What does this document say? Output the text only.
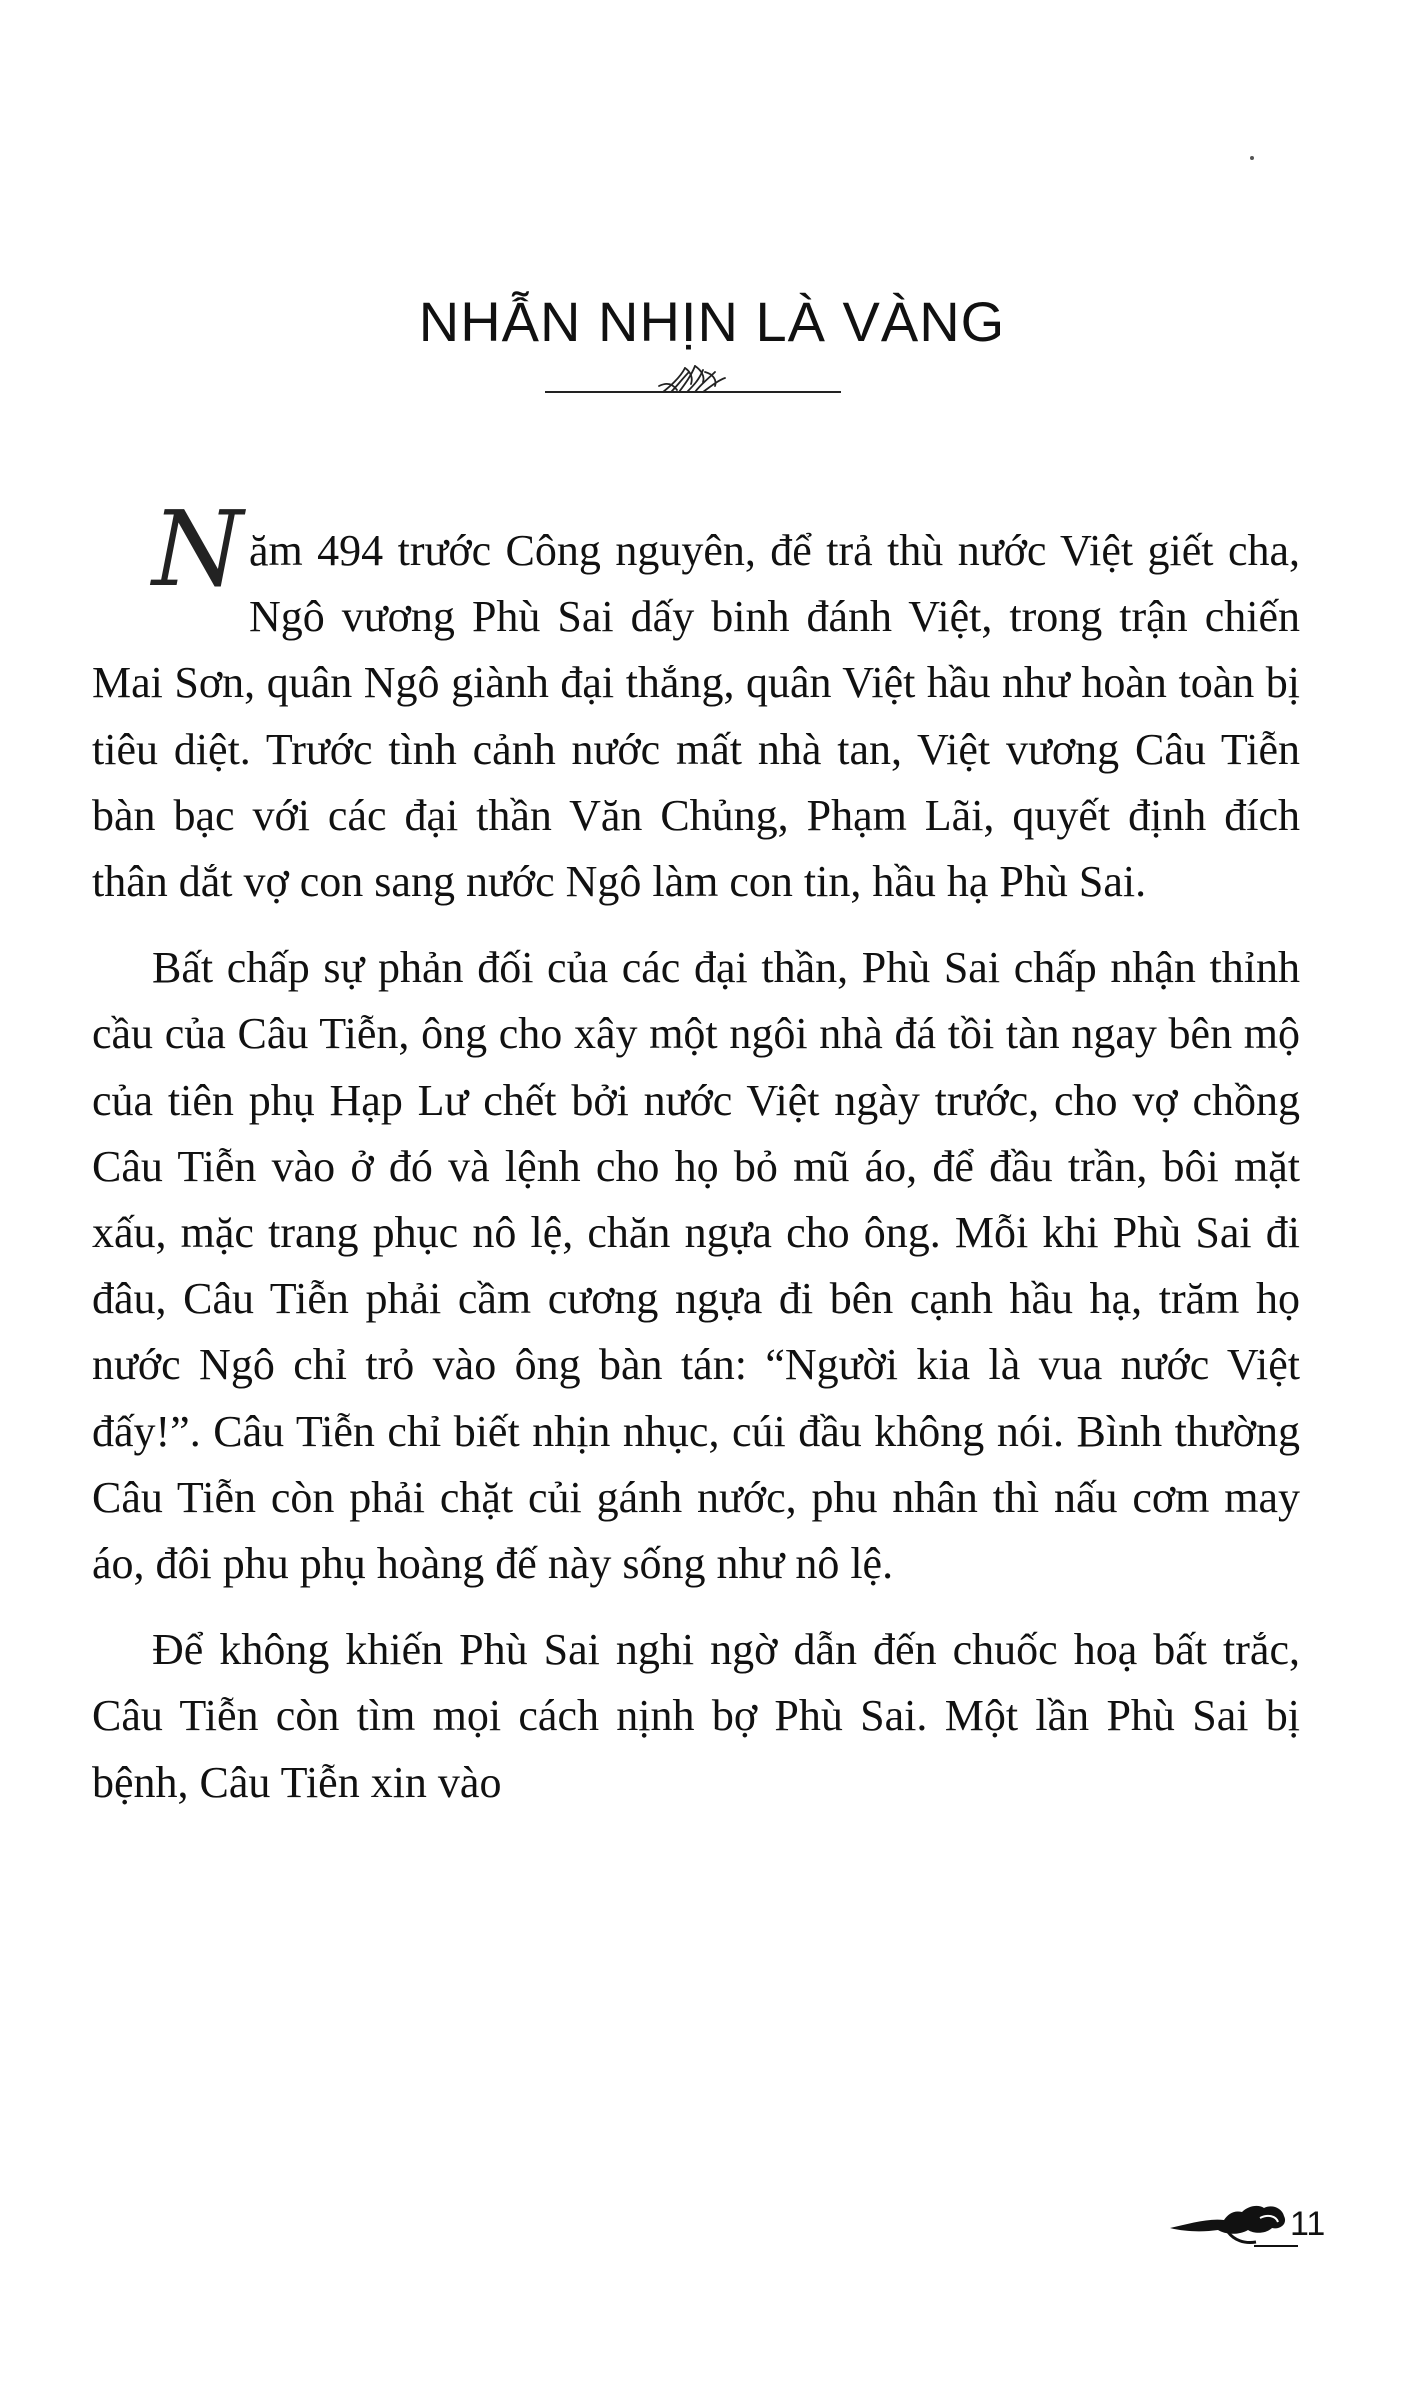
NHẪN NHỊN LÀ VÀNG

Năm 494 trước Công nguyên, để trả thù nước Việt giết cha, Ngô vương Phù Sai dấy binh đánh Việt, trong trận chiến Mai Sơn, quân Ngô giành đại thắng, quân Việt hầu như hoàn toàn bị tiêu diệt. Trước tình cảnh nước mất nhà tan, Việt vương Câu Tiễn bàn bạc với các đại thần Văn Chủng, Phạm Lãi, quyết định đích thân dắt vợ con sang nước Ngô làm con tin, hầu hạ Phù Sai.

Bất chấp sự phản đối của các đại thần, Phù Sai chấp nhận thỉnh cầu của Câu Tiễn, ông cho xây một ngôi nhà đá tồi tàn ngay bên mộ của tiên phụ Hạp Lư chết bởi nước Việt ngày trước, cho vợ chồng Câu Tiễn vào ở đó và lệnh cho họ bỏ mũ áo, để đầu trần, bôi mặt xấu, mặc trang phục nô lệ, chăn ngựa cho ông. Mỗi khi Phù Sai đi đâu, Câu Tiễn phải cầm cương ngựa đi bên cạnh hầu hạ, trăm họ nước Ngô chỉ trỏ vào ông bàn tán: “Người kia là vua nước Việt đấy!”. Câu Tiễn chỉ biết nhịn nhục, cúi đầu không nói. Bình thường Câu Tiễn còn phải chặt củi gánh nước, phu nhân thì nấu cơm may áo, đôi phu phụ hoàng đế này sống như nô lệ.

Để không khiến Phù Sai nghi ngờ dẫn đến chuốc hoạ bất trắc, Câu Tiễn còn tìm mọi cách nịnh bợ Phù Sai. Một lần Phù Sai bị bệnh, Câu Tiễn xin vào

11
